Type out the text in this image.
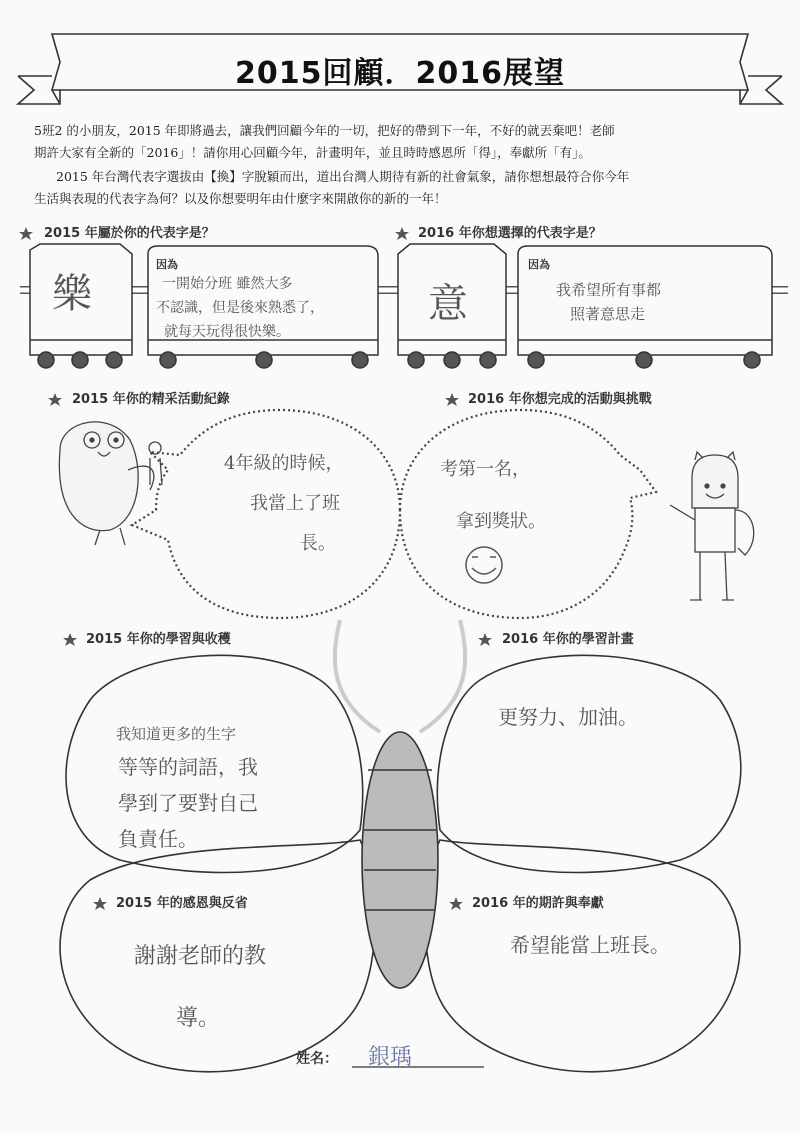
2015回顧．2016展望
5班2 的小朋友，2015 年即將過去，讓我們回顧今年的一切，把好的帶到下一年，不好的就丟棄吧！老師
期許大家有全新的「2016」！請你用心回顧今年，計畫明年，並且時時感恩所「得」，奉獻所「有」。
2015 年台灣代表字選拔由【換】字脫穎而出，道出台灣人期待有新的社會氣象，請你想想最符合你今年
生活與表現的代表字為何？以及你想要明年由什麼字來開啟你的新的一年！
2015 年屬於你的代表字是？	2016 年你想選擇的代表字是？
因為	因為
樂	一開始分班 雖然大多
不認識，但是後來熟悉了，
就每天玩得很快樂。
意	我希望所有事都
照著意思走
2015 年你的精采活動紀錄	2016 年你想完成的活動與挑戰
4年級的時候，
我當上了班
長。
考第一名，
拿到獎狀。
2015 年你的學習與收穫	2016 年你的學習計畫
我知道更多的生字
等等的詞語，我
學到了要對自己
負責任。
更努力、加油。
2015 年的感恩與反省	2016 年的期許與奉獻
謝謝老師的教
導。
希望能當上班長。
姓名： 銀瑀
